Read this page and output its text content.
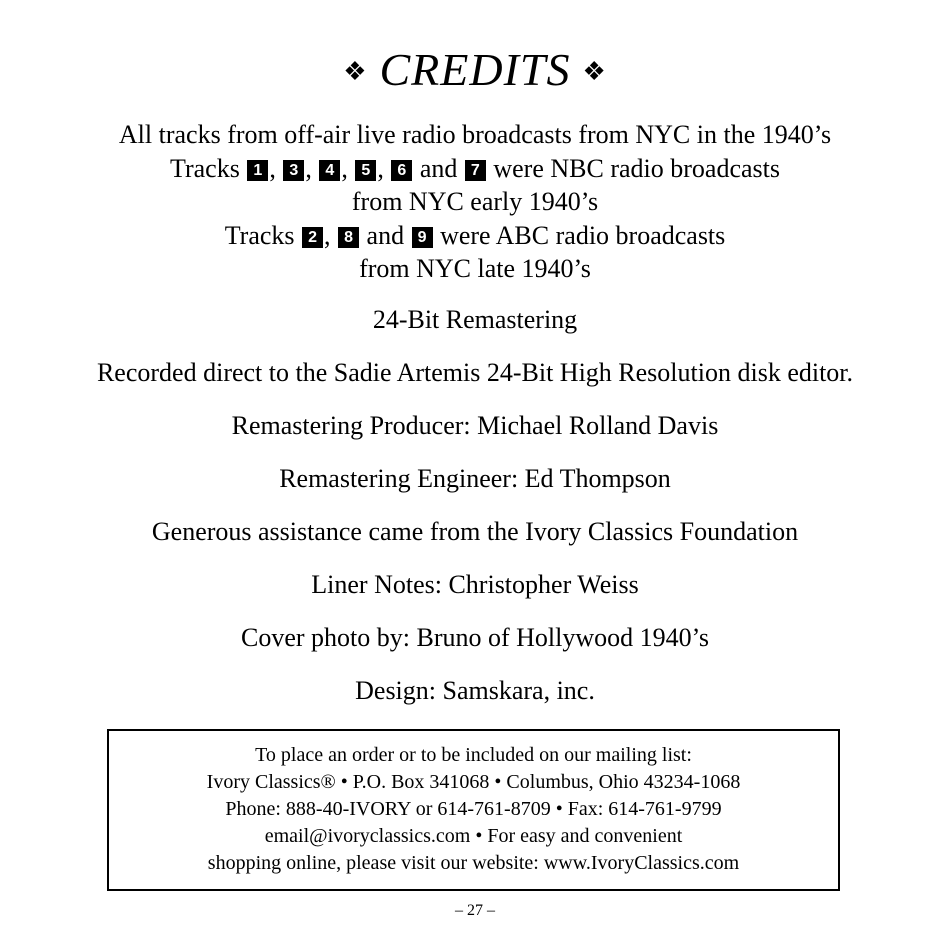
❖ CREDITS ❖
All tracks from off-air live radio broadcasts from NYC in the 1940’s
Tracks 1 , 3 , 4 , 5 , 6 and 7 were NBC radio broadcasts
from NYC early 1940’s
Tracks 2 , 8 and 9 were ABC radio broadcasts
from NYC late 1940’s
24-Bit Remastering
Recorded direct to the Sadie Artemis 24-Bit High Resolution disk editor.
Remastering Producer: Michael Rolland Davis
Remastering Engineer: Ed Thompson
Generous assistance came from the Ivory Classics Foundation
Liner Notes: Christopher Weiss
Cover photo by: Bruno of Hollywood 1940’s
Design: Samskara, inc.
To place an order or to be included on our mailing list:
Ivory Classics® • P.O. Box 341068 • Columbus, Ohio 43234-1068
Phone: 888-40-IVORY or 614-761-8709 • Fax: 614-761-9799
email@ivoryclassics.com • For easy and convenient
shopping online, please visit our website: www.IvoryClassics.com
– 27 –
